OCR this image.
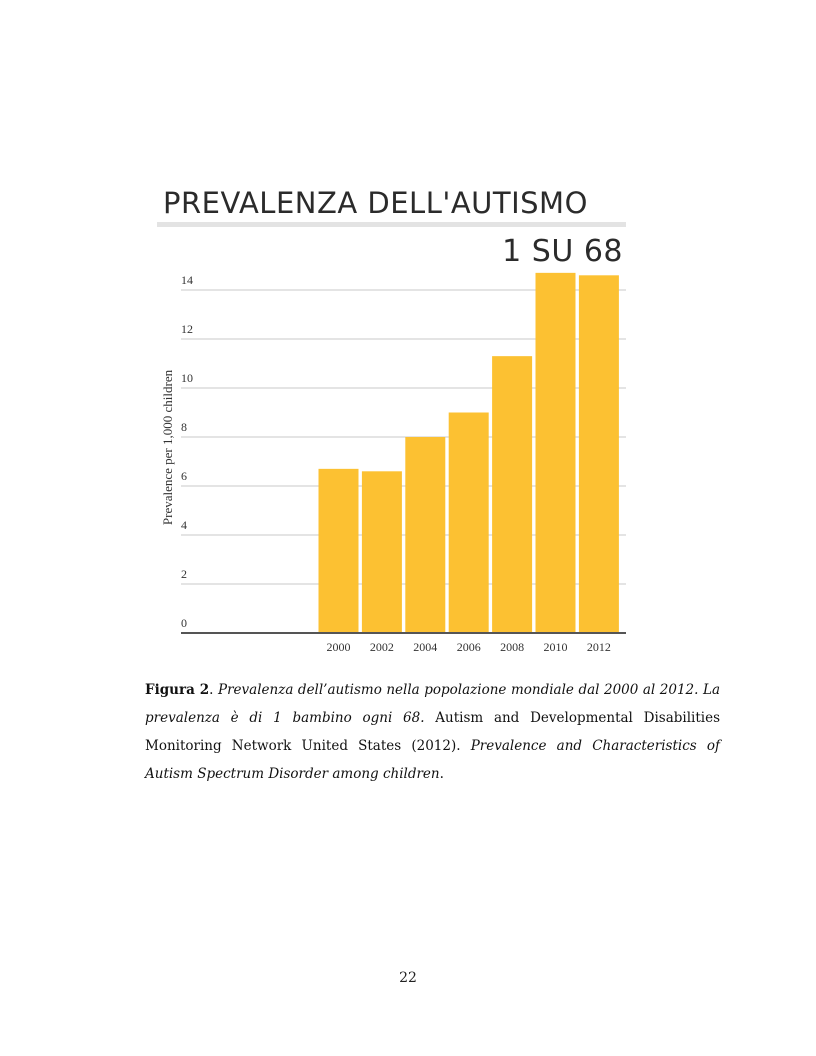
PREVALENZA DELL'AUTISMO
1 SU 68
0
2
4
6
8
10
12
14
2000 2002 2004 2006 2008 2010 2012
Prevalence per 1,000 children

Figura 2. Prevalenza dell’autismo nella popolazione mondiale dal 2000 al 2012. La prevalenza è di 1 bambino ogni 68. Autism and Developmental Disabilities Monitoring Network United States (2012). Prevalence and Characteristics of Autism Spectrum Disorder among children.

22
